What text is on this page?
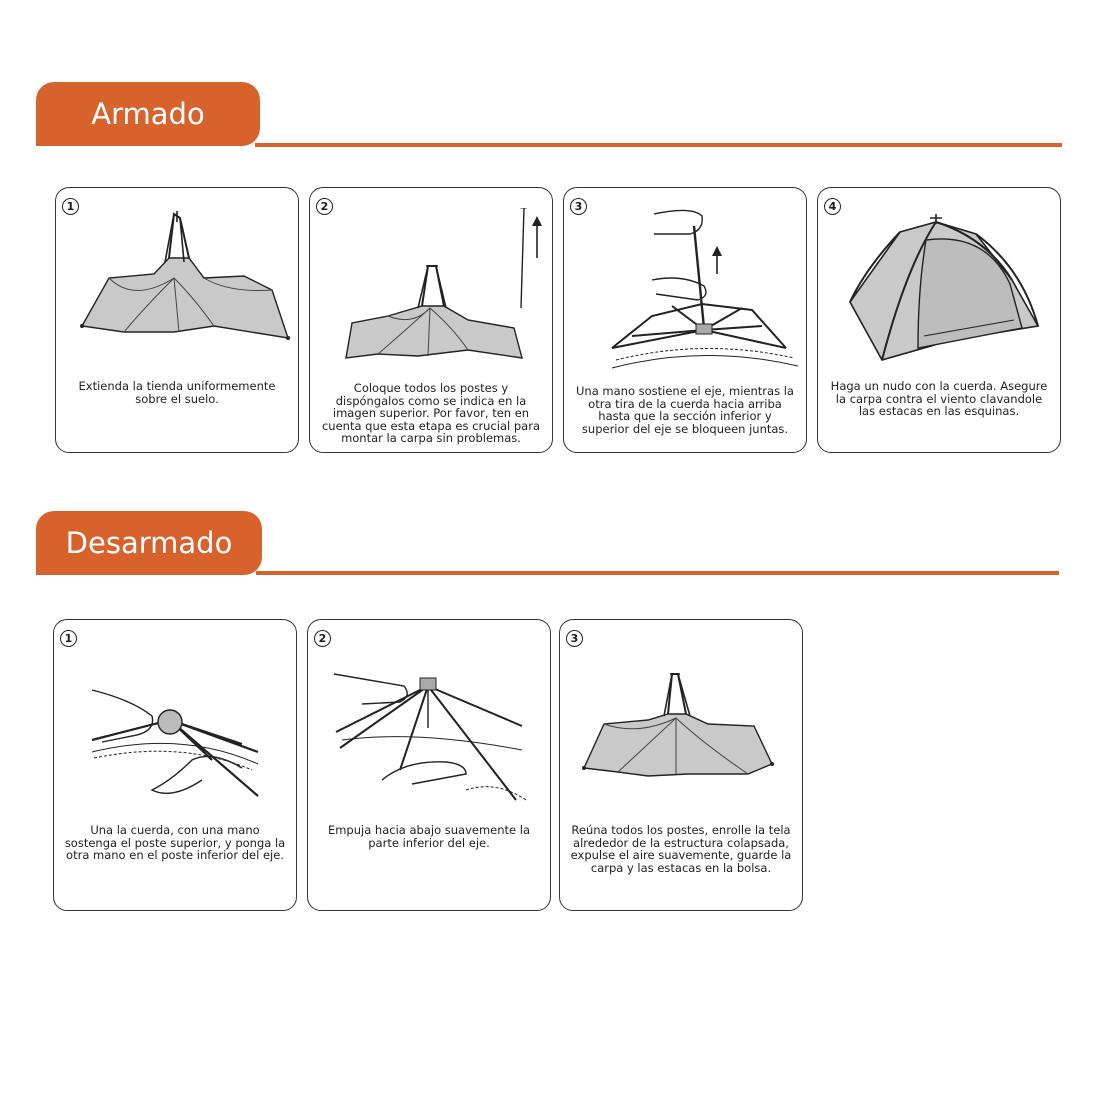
Armado
1
Extienda la tienda uniformemente sobre el suelo.
2
Coloque todos los postes y dispóngalos como se indica en la imagen superior. Por favor, ten en cuenta que esta etapa es crucial para montar la carpa sin problemas.
3
Una mano sostiene el eje, mientras la otra tira de la cuerda hacia arriba hasta que la sección inferior y superior del eje se bloqueen juntas.
4
Haga un nudo con la cuerda. Asegure la carpa contra el viento clavandole las estacas en las esquinas.
Desarmado
1
Una la cuerda, con una mano sostenga el poste superior, y ponga la otra mano en el poste inferior del eje.
2
Empuja hacia abajo suavemente la parte inferior del eje.
3
Reúna todos los postes, enrolle la tela alrededor de la estructura colapsada, expulse el aire suavemente, guarde la carpa y las estacas en la bolsa.
